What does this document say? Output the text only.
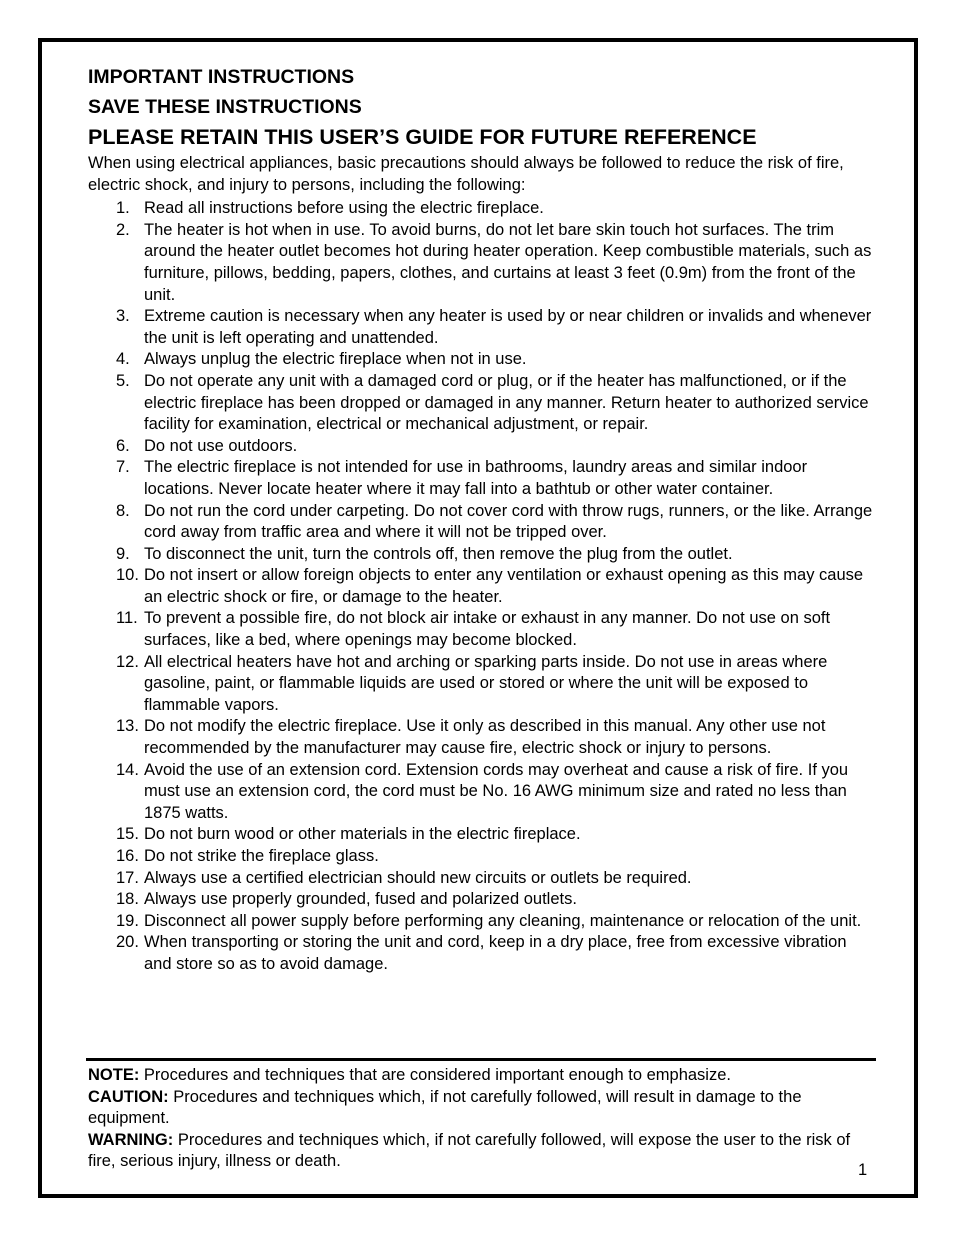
IMPORTANT INSTRUCTIONS

SAVE THESE INSTRUCTIONS

PLEASE RETAIN THIS USER’S GUIDE FOR FUTURE REFERENCE

When using electrical appliances, basic precautions should always be followed to reduce the risk of fire, electric shock, and injury to persons, including the following:

1. Read all instructions before using the electric fireplace.
2. The heater is hot when in use. To avoid burns, do not let bare skin touch hot surfaces. The trim around the heater outlet becomes hot during heater operation. Keep combustible materials, such as furniture, pillows, bedding, papers, clothes, and curtains at least 3 feet (0.9m) from the front of the unit.
3. Extreme caution is necessary when any heater is used by or near children or invalids and whenever the unit is left operating and unattended.
4. Always unplug the electric fireplace when not in use.
5. Do not operate any unit with a damaged cord or plug, or if the heater has malfunctioned, or if the electric fireplace has been dropped or damaged in any manner. Return heater to authorized service facility for examination, electrical or mechanical adjustment, or repair.
6. Do not use outdoors.
7. The electric fireplace is not intended for use in bathrooms, laundry areas and similar indoor locations. Never locate heater where it may fall into a bathtub or other water container.
8. Do not run the cord under carpeting. Do not cover cord with throw rugs, runners, or the like. Arrange cord away from traffic area and where it will not be tripped over.
9. To disconnect the unit, turn the controls off, then remove the plug from the outlet.
10. Do not insert or allow foreign objects to enter any ventilation or exhaust opening as this may cause an electric shock or fire, or damage to the heater.
11. To prevent a possible fire, do not block air intake or exhaust in any manner. Do not use on soft surfaces, like a bed, where openings may become blocked.
12. All electrical heaters have hot and arching or sparking parts inside. Do not use in areas where gasoline, paint, or flammable liquids are used or stored or where the unit will be exposed to flammable vapors.
13. Do not modify the electric fireplace. Use it only as described in this manual. Any other use not recommended by the manufacturer may cause fire, electric shock or injury to persons.
14. Avoid the use of an extension cord. Extension cords may overheat and cause a risk of fire. If you must use an extension cord, the cord must be No. 16 AWG minimum size and rated no less than 1875 watts.
15. Do not burn wood or other materials in the electric fireplace.
16. Do not strike the fireplace glass.
17. Always use a certified electrician should new circuits or outlets be required.
18. Always use properly grounded, fused and polarized outlets.
19. Disconnect all power supply before performing any cleaning, maintenance or relocation of the unit.
20. When transporting or storing the unit and cord, keep in a dry place, free from excessive vibration and store so as to avoid damage.

NOTE: Procedures and techniques that are considered important enough to emphasize.

CAUTION: Procedures and techniques which, if not carefully followed, will result in damage to the equipment.

WARNING: Procedures and techniques which, if not carefully followed, will expose the user to the risk of fire, serious injury, illness or death.	1
